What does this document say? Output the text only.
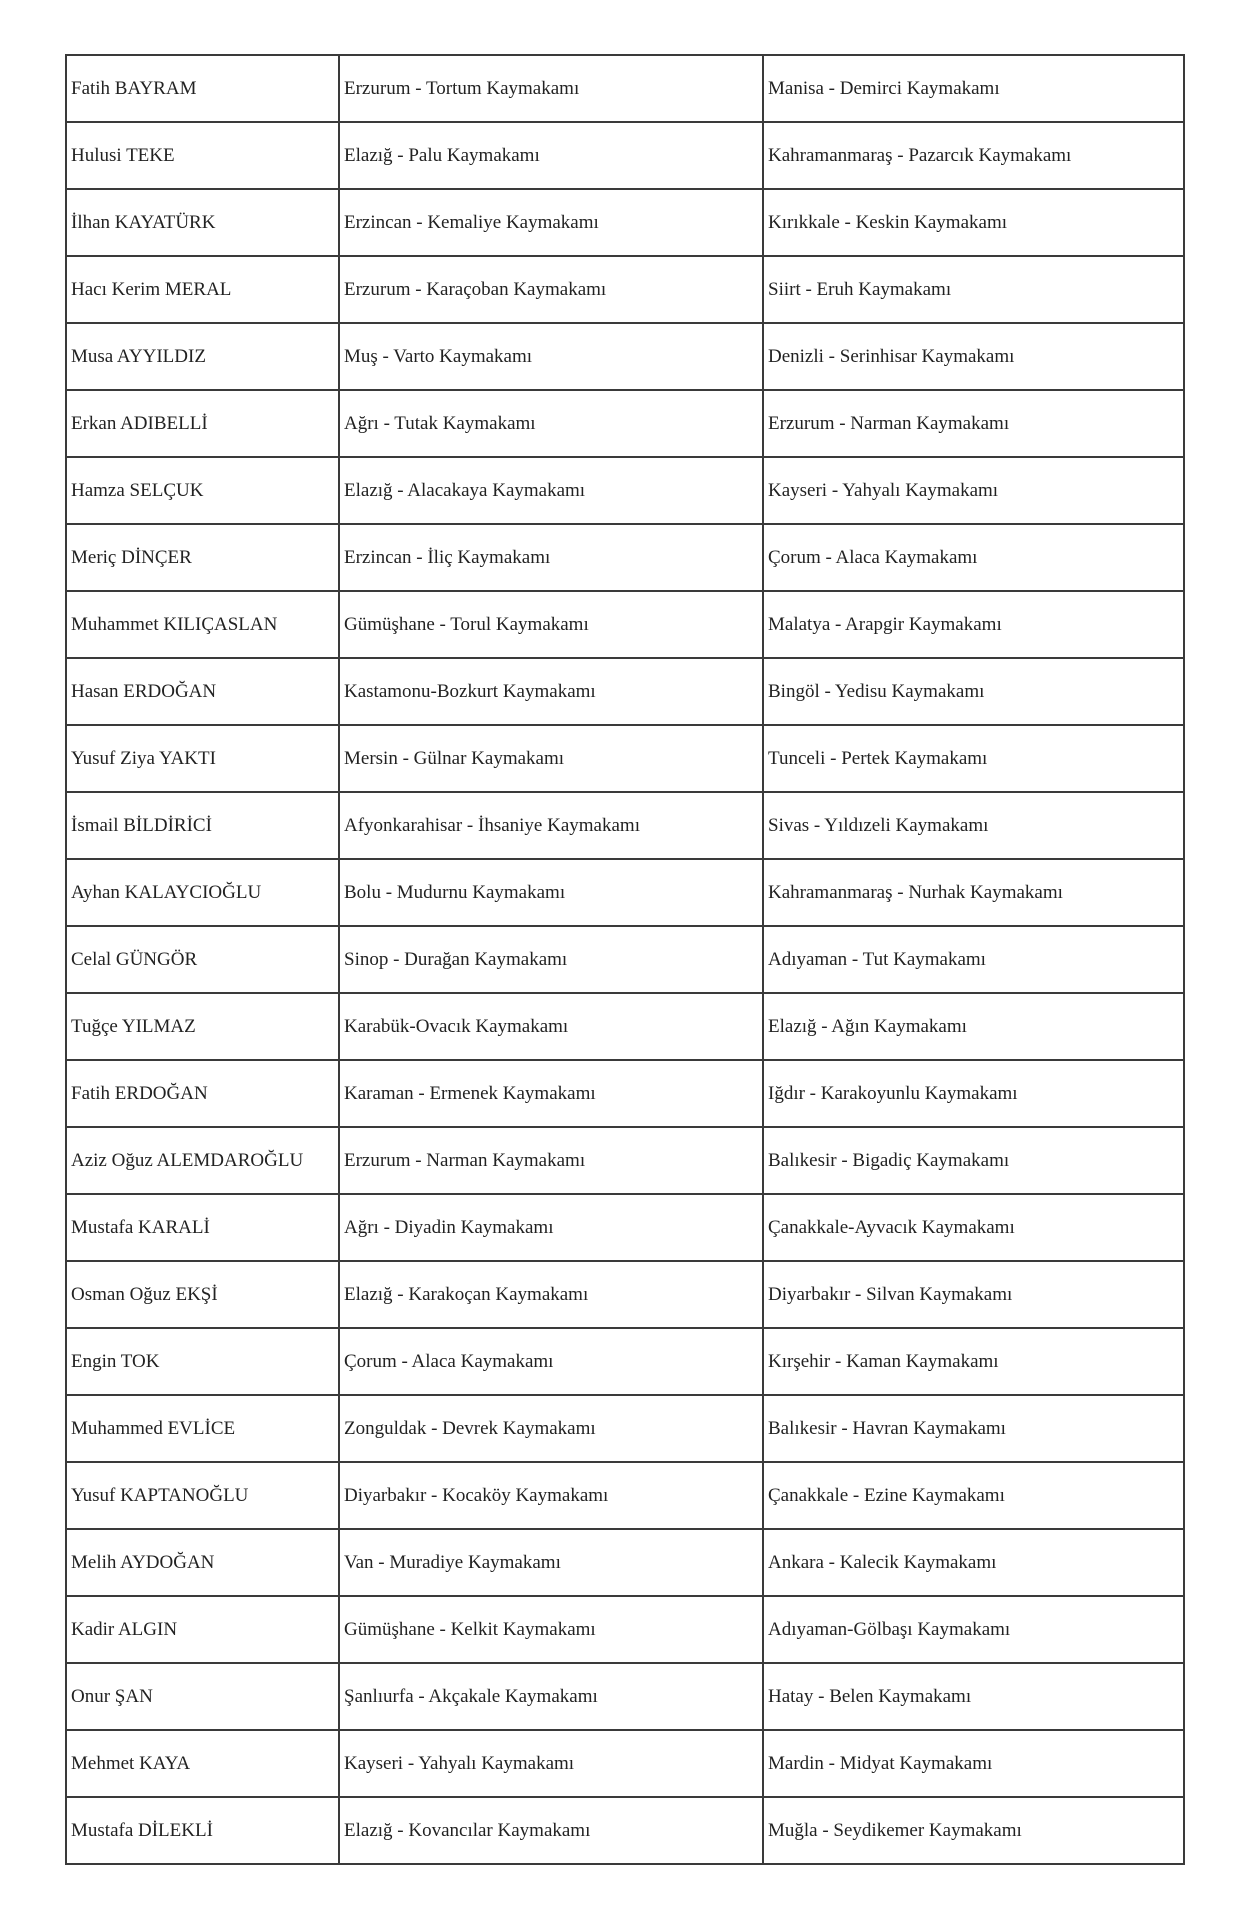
Fatih BAYRAM	Erzurum - Tortum Kaymakamı	Manisa - Demirci Kaymakamı
Hulusi TEKE	Elazığ - Palu Kaymakamı	Kahramanmaraş - Pazarcık Kaymakamı
İlhan KAYATÜRK	Erzincan - Kemaliye Kaymakamı	Kırıkkale - Keskin Kaymakamı
Hacı Kerim MERAL	Erzurum - Karaçoban Kaymakamı	Siirt - Eruh Kaymakamı
Musa AYYILDIZ	Muş - Varto Kaymakamı	Denizli - Serinhisar Kaymakamı
Erkan ADIBELLİ	Ağrı - Tutak Kaymakamı	Erzurum - Narman Kaymakamı
Hamza SELÇUK	Elazığ - Alacakaya Kaymakamı	Kayseri - Yahyalı Kaymakamı
Meriç DİNÇER	Erzincan - İliç Kaymakamı	Çorum - Alaca Kaymakamı
Muhammet KILIÇASLAN	Gümüşhane - Torul Kaymakamı	Malatya - Arapgir Kaymakamı
Hasan ERDOĞAN	Kastamonu-Bozkurt Kaymakamı	Bingöl - Yedisu Kaymakamı
Yusuf Ziya YAKTI	Mersin - Gülnar Kaymakamı	Tunceli - Pertek Kaymakamı
İsmail BİLDİRİCİ	Afyonkarahisar - İhsaniye Kaymakamı	Sivas - Yıldızeli Kaymakamı
Ayhan KALAYCIOĞLU	Bolu - Mudurnu Kaymakamı	Kahramanmaraş - Nurhak Kaymakamı
Celal GÜNGÖR	Sinop - Durağan Kaymakamı	Adıyaman - Tut Kaymakamı
Tuğçe YILMAZ	Karabük-Ovacık Kaymakamı	Elazığ - Ağın Kaymakamı
Fatih ERDOĞAN	Karaman - Ermenek Kaymakamı	Iğdır - Karakoyunlu Kaymakamı
Aziz Oğuz ALEMDAROĞLU	Erzurum - Narman Kaymakamı	Balıkesir - Bigadiç Kaymakamı
Mustafa KARALİ	Ağrı - Diyadin Kaymakamı	Çanakkale-Ayvacık Kaymakamı
Osman Oğuz EKŞİ	Elazığ - Karakoçan Kaymakamı	Diyarbakır - Silvan Kaymakamı
Engin TOK	Çorum - Alaca Kaymakamı	Kırşehir - Kaman Kaymakamı
Muhammed EVLİCE	Zonguldak - Devrek Kaymakamı	Balıkesir - Havran Kaymakamı
Yusuf KAPTANOĞLU	Diyarbakır - Kocaköy Kaymakamı	Çanakkale - Ezine Kaymakamı
Melih AYDOĞAN	Van - Muradiye Kaymakamı	Ankara - Kalecik Kaymakamı
Kadir ALGIN	Gümüşhane - Kelkit Kaymakamı	Adıyaman-Gölbaşı Kaymakamı
Onur ŞAN	Şanlıurfa - Akçakale Kaymakamı	Hatay - Belen Kaymakamı
Mehmet KAYA	Kayseri - Yahyalı Kaymakamı	Mardin - Midyat Kaymakamı
Mustafa DİLEKLİ	Elazığ - Kovancılar Kaymakamı	Muğla - Seydikemer Kaymakamı
